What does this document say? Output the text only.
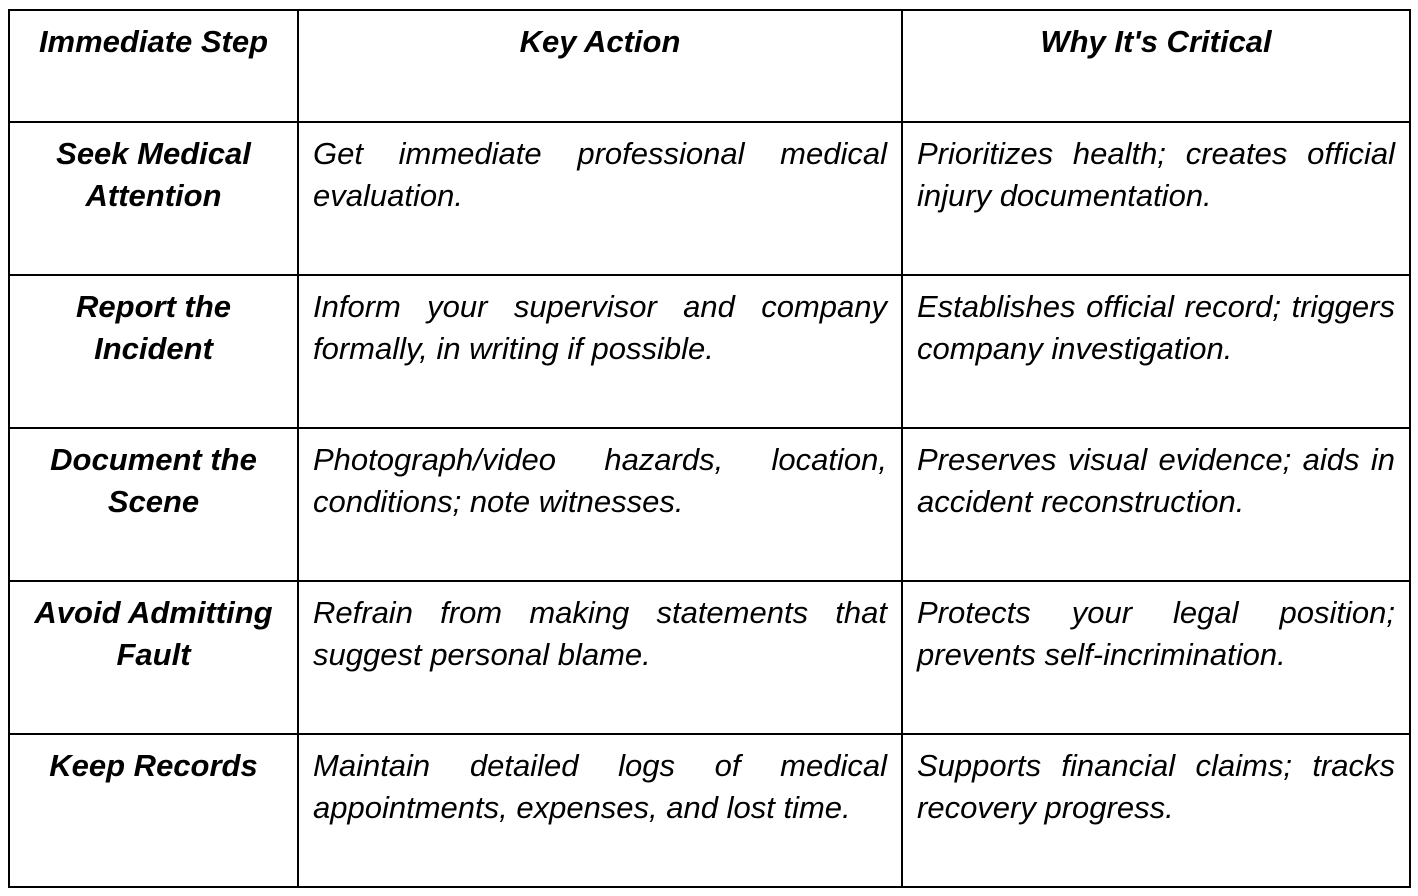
Immediate Step	Key Action	Why It's Critical
Seek Medical Attention	Get immediate professional medical evaluation.	Prioritizes health; creates official injury documentation.
Report the Incident	Inform your supervisor and company formally, in writing if possible.	Establishes official record; triggers company investigation.
Document the Scene	Photograph/video hazards, location, conditions; note witnesses.	Preserves visual evidence; aids in accident reconstruction.
Avoid Admitting Fault	Refrain from making statements that suggest personal blame.	Protects your legal position; prevents self-incrimination.
Keep Records	Maintain detailed logs of medical appointments, expenses, and lost time.	Supports financial claims; tracks recovery progress.
